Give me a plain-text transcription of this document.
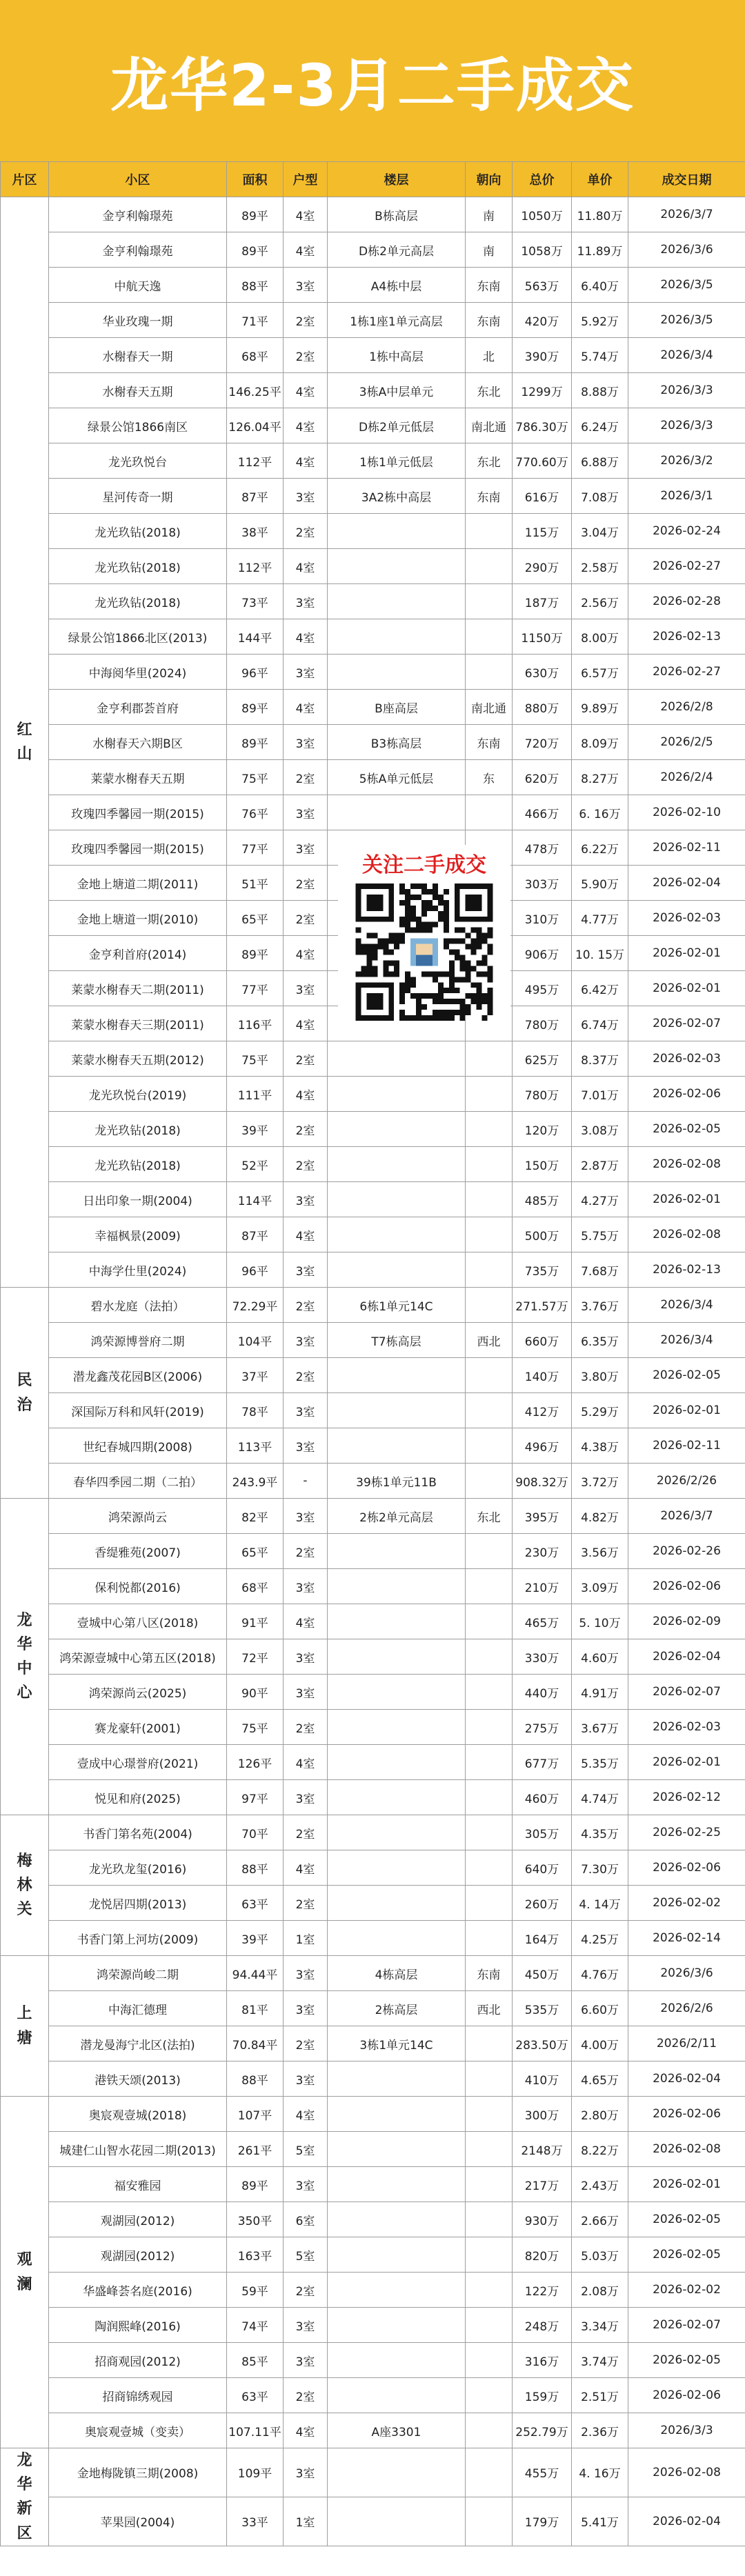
龙华2-3月二手成交
片区	小区	面积	户型	楼层	朝向	总价	单价	成交日期

红
山	金亨利翰璟苑	89平	4室	B栋高层	南	1050万	11.80万	2026/3/7
	金亨利翰璟苑	89平	4室	D栋2单元高层	南	1058万	11.89万	2026/3/6
	中航天逸	88平	3室	A4栋中层	东南	563万	6.40万	2026/3/5
	华业玫瑰一期	71平	2室	1栋1座1单元高层	东南	420万	5.92万	2026/3/5
	水榭春天一期	68平	2室	1栋中高层	北	390万	5.74万	2026/3/4
	水榭春天五期	146.25平	4室	3栋A中层单元	东北	1299万	8.88万	2026/3/3
	绿景公馆1866南区	126.04平	4室	D栋2单元低层	南北通	786.30万	6.24万	2026/3/3
	龙光玖悦台	112平	4室	1栋1单元低层	东北	770.60万	6.88万	2026/3/2
	星河传奇一期	87平	3室	3A2栋中高层	东南	616万	7.08万	2026/3/1
	龙光玖钻(2018)	38平	2室			115万	3.04万	2026-02-24
	龙光玖钻(2018)	112平	4室			290万	2.58万	2026-02-27
	龙光玖钻(2018)	73平	3室			187万	2.56万	2026-02-28
	绿景公馆1866北区(2013)	144平	4室			1150万	8.00万	2026-02-13
	中海阅华里(2024)	96平	3室			630万	6.57万	2026-02-27
	金亨利郡荟首府	89平	4室	B座高层	南北通	880万	9.89万	2026/2/8
	水榭春天六期B区	89平	3室	B3栋高层	东南	720万	8.09万	2026/2/5
	莱蒙水榭春天五期	75平	2室	5栋A单元低层	东	620万	8.27万	2026/2/4
	玫瑰四季馨园一期(2015)	76平	3室			466万	6. 16万	2026-02-10
	玫瑰四季馨园一期(2015)	77平	3室			478万	6.22万	2026-02-11
	金地上塘道二期(2011)	51平	2室			303万	5.90万	2026-02-04
	金地上塘道一期(2010)	65平	2室			310万	4.77万	2026-02-03
	金亨利首府(2014)	89平	4室			906万	10. 15万	2026-02-01
	莱蒙水榭春天二期(2011)	77平	3室			495万	6.42万	2026-02-01
	莱蒙水榭春天三期(2011)	116平	4室			780万	6.74万	2026-02-07
	莱蒙水榭春天五期(2012)	75平	2室			625万	8.37万	2026-02-03
	龙光玖悦台(2019)	111平	4室			780万	7.01万	2026-02-06
	龙光玖钻(2018)	39平	2室			120万	3.08万	2026-02-05
	龙光玖钻(2018)	52平	2室			150万	2.87万	2026-02-08
	日出印象一期(2004)	114平	3室			485万	4.27万	2026-02-01
	幸福枫景(2009)	87平	4室			500万	5.75万	2026-02-08
	中海学仕里(2024)	96平	3室			735万	7.68万	2026-02-13

民
治	碧水龙庭（法拍）	72.29平	2室	6栋1单元14C		271.57万	3.76万	2026/3/4
	鸿荣源博誉府二期	104平	3室	T7栋高层	西北	660万	6.35万	2026/3/4
	潜龙鑫茂花园B区(2006)	37平	2室			140万	3.80万	2026-02-05
	深国际万科和风轩(2019)	78平	3室			412万	5.29万	2026-02-01
	世纪春城四期(2008)	113平	3室			496万	4.38万	2026-02-11
	春华四季园二期（二拍）	243.9平	-	39栋1单元11B		908.32万	3.72万	2026/2/26

龙
华
中
心	鸿荣源尚云	82平	3室	2栋2单元高层	东北	395万	4.82万	2026/3/7
	香缇雅苑(2007)	65平	2室			230万	3.56万	2026-02-26
	保利悦都(2016)	68平	3室			210万	3.09万	2026-02-06
	壹城中心第八区(2018)	91平	4室			465万	5. 10万	2026-02-09
	鸿荣源壹城中心第五区(2018)	72平	3室			330万	4.60万	2026-02-04
	鸿荣源尚云(2025)	90平	3室			440万	4.91万	2026-02-07
	赛龙豪轩(2001)	75平	2室			275万	3.67万	2026-02-03
	壹成中心璟誉府(2021)	126平	4室			677万	5.35万	2026-02-01
	悦见和府(2025)	97平	3室			460万	4.74万	2026-02-12

梅
林
关	书香门第名苑(2004)	70平	2室			305万	4.35万	2026-02-25
	龙光玖龙玺(2016)	88平	4室			640万	7.30万	2026-02-06
	龙悦居四期(2013)	63平	2室			260万	4. 14万	2026-02-02
	书香门第上河坊(2009)	39平	1室			164万	4.25万	2026-02-14

上
塘	鸿荣源尚峻二期	94.44平	3室	4栋高层	东南	450万	4.76万	2026/3/6
	中海汇德理	81平	3室	2栋高层	西北	535万	6.60万	2026/2/6
	潜龙曼海宁北区(法拍)	70.84平	2室	3栋1单元14C		283.50万	4.00万	2026/2/11
	港铁天颂(2013)	88平	3室			410万	4.65万	2026-02-04

观
澜	奥宸观壹城(2018)	107平	4室			300万	2.80万	2026-02-06
	城建仁山智水花园二期(2013)	261平	5室			2148万	8.22万	2026-02-08
	福安雅园	89平	3室			217万	2.43万	2026-02-01
	观湖园(2012)	350平	6室			930万	2.66万	2026-02-05
	观湖园(2012)	163平	5室			820万	5.03万	2026-02-05
	华盛峰荟名庭(2016)	59平	2室			122万	2.08万	2026-02-02
	陶润熙峰(2016)	74平	3室			248万	3.34万	2026-02-07
	招商观园(2012)	85平	3室			316万	3.74万	2026-02-05
	招商锦绣观园	63平	2室			159万	2.51万	2026-02-06
	奥宸观壹城（变卖）	107.11平	4室	A座3301		252.79万	2.36万	2026/3/3

龙
华
新
区	金地梅陇镇三期(2008)	109平	3室			455万	4. 16万	2026-02-08
	苹果园(2004)	33平	1室			179万	5.41万	2026-02-04
关注二手成交
